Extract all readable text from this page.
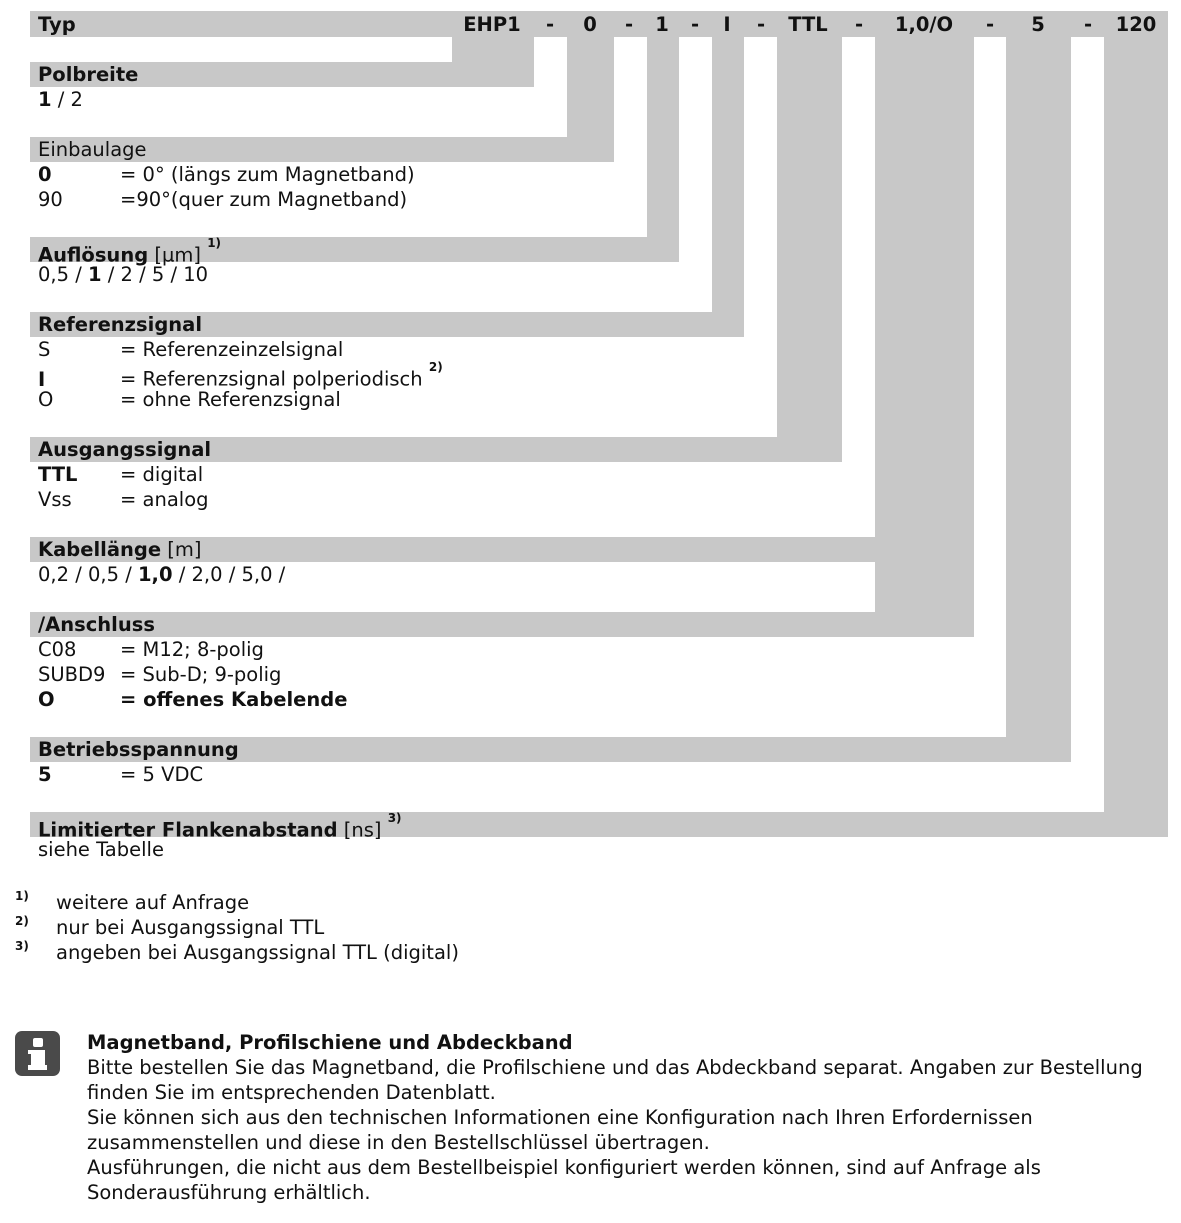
Typ	EHP1	0	1	I	TTL	1,0/O	5	120
-	-	-	-	-	-	-
Polbreite
1 / 2
Einbaulage
0	= 0° (längs zum Magnetband)
90	=90°(quer zum Magnetband)
Auflösung [µm] $^{1)}$
0,5 / 1 / 2 / 5 / 10
Referenzsignal
S	= Referenzeinzelsignal
I	= Referenzsignal polperiodisch $^{2)}$
O	= ohne Referenzsignal
Ausgangssignal
TTL = digital
Vss = analog
Kabellänge [m]
0,2 / 0,5 / 1,0 / 2,0 / 5,0 /
/Anschluss
C08 = M12; 8-polig
SUBD9 = Sub-D; 9-polig
O	= offenes Kabelende
Betriebsspannung
5	= 5 VDC
Limitierter Flankenabstand [ns] $^{3)}$
siehe Tabelle
1) weitere auf Anfrage
2) nur bei Ausgangssignal TTL
3) angeben bei Ausgangssignal TTL (digital)
Magnetband, Profilschiene und Abdeckband

Bitte bestellen Sie das Magnetband, die Profilschiene und das Abdeckband separat. Angaben zur Bestellung finden Sie im entsprechenden Datenblatt.

Sie können sich aus den technischen Informationen eine Konfiguration nach Ihren Erfordernissen zusammenstellen und diese in den Bestellschlüssel übertragen.

Ausführungen, die nicht aus dem Bestellbeispiel konfiguriert werden können, sind auf Anfrage als Sonderausführung erhältlich.
